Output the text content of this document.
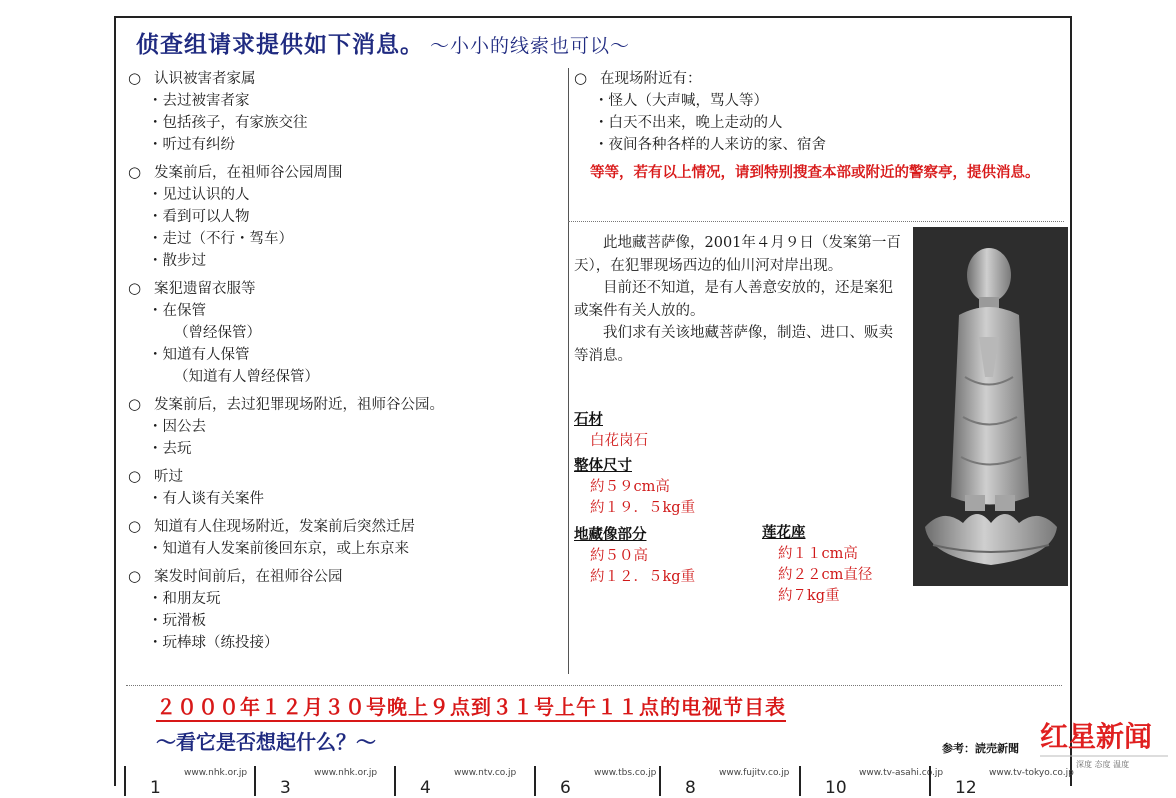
侦查组请求提供如下消息。 ～小小的线索也可以～
○ 认识被害者家属
・去过被害者家
・包括孩子，有家族交往
・听过有纠纷
○ 发案前后，在祖师谷公园周围
・见过认识的人
・看到可以人物
・走过（不行・驾车）
・散步过
○ 案犯遗留衣服等
・在保管
（曾经保管）
・知道有人保管
（知道有人曾经保管）
○ 发案前后，去过犯罪现场附近，祖师谷公园。
・因公去
・去玩
○ 听过
・有人谈有关案件
○ 知道有人住现场附近，发案前后突然迁居
・知道有人发案前後回东京，或上东京来
○ 案发时间前后，在祖师谷公园
・和朋友玩
・玩滑板
・玩棒球（练投接）
○ 在现场附近有：
・怪人（大声喊，骂人等）
・白天不出来，晚上走动的人
・夜间各种各样的人来访的家、宿舍
等等，若有以上情况，请到特别搜查本部或附近的警察亭，提供消息。

此地藏菩萨像，2001年４月９日（发案第一百天），在犯罪现场西边的仙川河对岸出现。

目前还不知道，是有人善意安放的，还是案犯或案件有关人放的。

我们求有关该地藏菩萨像，制造、进口、贩卖等消息。

石材
白花岗石
整体尺寸
約５９cm高
約１９．５kg重
地藏像部分
約５０高
約１２．５kg重
莲花座
約１１cm高
約２２cm直径
約７kg重
２０００年１２月３０号晚上９点到３１号上午１１点的电视节目表
～看它是否想起什么？～	参考：読売新聞
1
www.nhk.or.jp
3
www.nhk.or.jp
4
www.ntv.co.jp
6
www.tbs.co.jp
8
www.fujitv.co.jp
10
www.tv-asahi.co.jp
12
www.tv-tokyo.co.jp
红星新闻
深度 态度 温度
